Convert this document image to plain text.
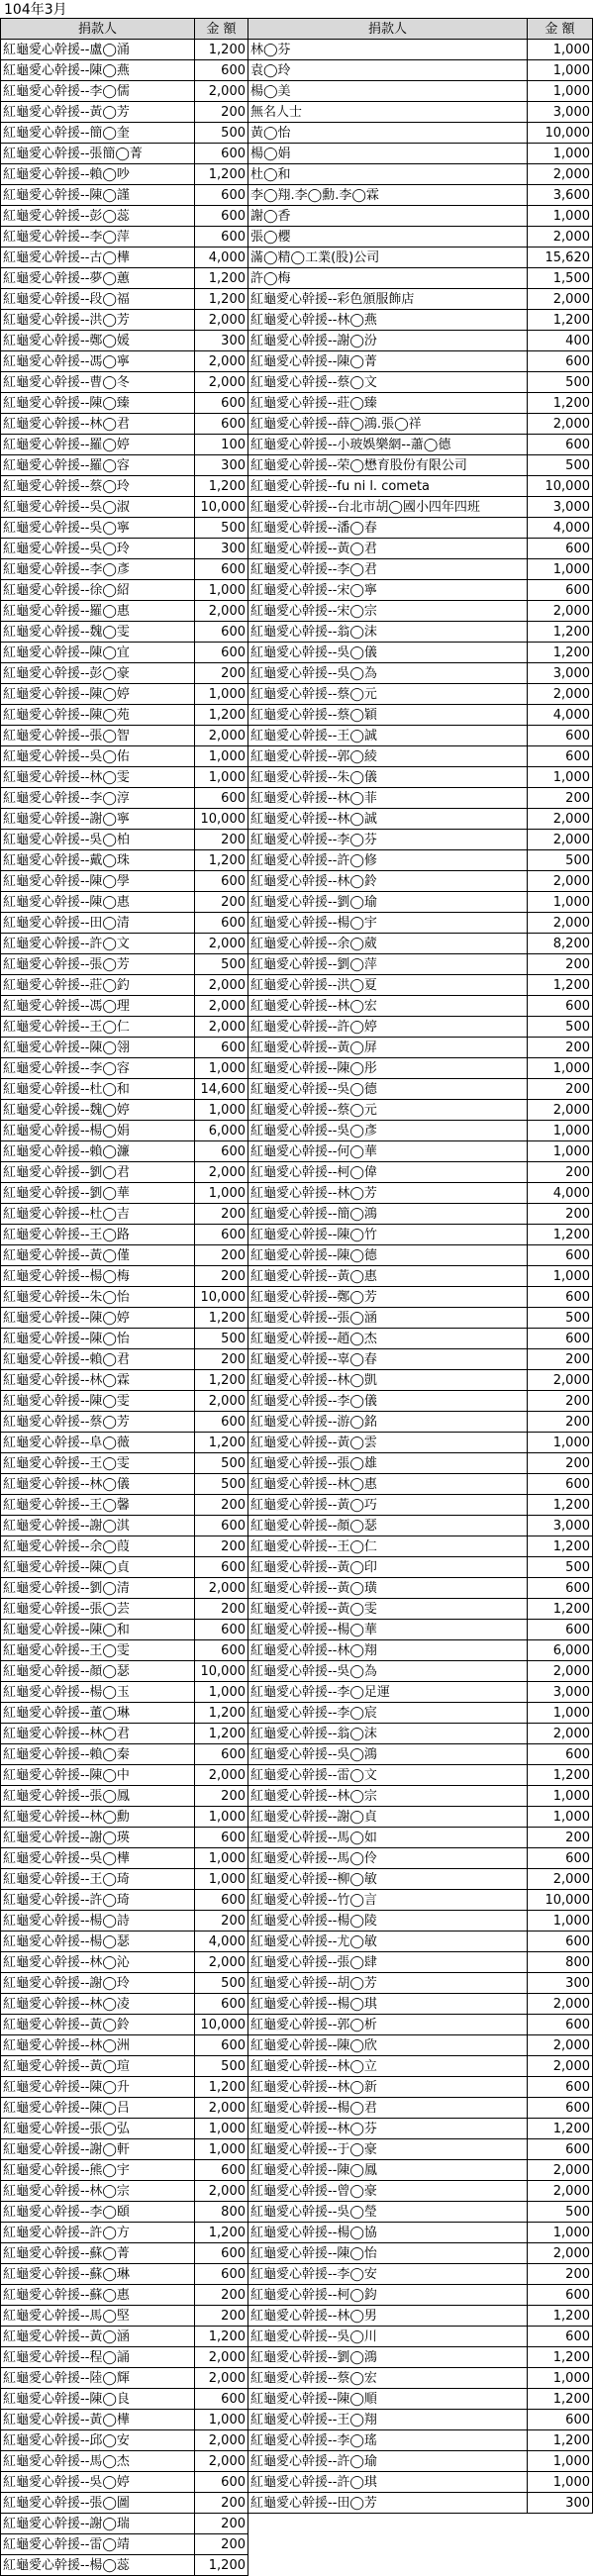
104年3月
捐款人	金 額
紅龜愛心幹援--盧◯涌	1,200
紅龜愛心幹援--陳◯燕	600
紅龜愛心幹援--李◯儒	2,000
紅龜愛心幹援--黃◯芳	200
紅龜愛心幹援--簡◯奎	500
紅龜愛心幹援--張簡◯菁	600
紅龜愛心幹援--賴◯吵	1,200
紅龜愛心幹援--陳◯謹	600
紅龜愛心幹援--彭◯蕊	600
紅龜愛心幹援--李◯萍	600
紅龜愛心幹援--古◯樺	4,000
紅龜愛心幹援--夢◯蕙	1,200
紅龜愛心幹援--段◯福	1,200
紅龜愛心幹援--洪◯芳	2,000
紅龜愛心幹援--鄭◯媛	300
紅龜愛心幹援--馮◯寧	2,000
紅龜愛心幹援--曹◯冬	2,000
紅龜愛心幹援--陳◯臻	600
紅龜愛心幹援--林◯君	600
紅龜愛心幹援--羅◯婷	100
紅龜愛心幹援--羅◯容	300
紅龜愛心幹援--蔡◯玲	1,200
紅龜愛心幹援--吳◯淑	10,000
紅龜愛心幹援--吳◯寧	500
紅龜愛心幹援--吳◯玲	300
紅龜愛心幹援--李◯彥	600
紅龜愛心幹援--徐◯紹	1,000
紅龜愛心幹援--羅◯惠	2,000
紅龜愛心幹援--魏◯雯	600
紅龜愛心幹援--陳◯宜	600
紅龜愛心幹援--彭◯豪	200
紅龜愛心幹援--陳◯婷	1,000
紅龜愛心幹援--陳◯苑	1,200
紅龜愛心幹援--張◯智	2,000
紅龜愛心幹援--吳◯佑	1,000
紅龜愛心幹援--林◯雯	1,000
紅龜愛心幹援--李◯淳	600
紅龜愛心幹援--謝◯寧	10,000
紅龜愛心幹援--吳◯柏	200
紅龜愛心幹援--戴◯珠	1,200
紅龜愛心幹援--陳◯學	600
紅龜愛心幹援--陳◯惠	200
紅龜愛心幹援--田◯清	600
紅龜愛心幹援--許◯文	2,000
紅龜愛心幹援--張◯芳	500
紅龜愛心幹援--莊◯釣	2,000
紅龜愛心幹援--馮◯理	2,000
紅龜愛心幹援--王◯仁	2,000
紅龜愛心幹援--陳◯翎	600
紅龜愛心幹援--李◯容	1,000
紅龜愛心幹援--杜◯和	14,600
紅龜愛心幹援--魏◯婷	1,000
紅龜愛心幹援--楊◯娟	6,000
紅龜愛心幹援--賴◯濂	600
紅龜愛心幹援--劉◯君	2,000
紅龜愛心幹援--劉◯華	1,000
紅龜愛心幹援--杜◯吉	200
紅龜愛心幹援--王◯路	600
紅龜愛心幹援--黃◯僅	200
紅龜愛心幹援--楊◯梅	200
紅龜愛心幹援--朱◯怡	10,000
紅龜愛心幹援--陳◯婷	1,200
紅龜愛心幹援--陳◯怡	500
紅龜愛心幹援--賴◯君	200
紅龜愛心幹援--林◯霖	1,200
紅龜愛心幹援--陳◯雯	2,000
紅龜愛心幹援--蔡◯芳	600
紅龜愛心幹援--阜◯薇	1,200
紅龜愛心幹援--王◯雯	500
紅龜愛心幹援--林◯儀	500
紅龜愛心幹援--王◯馨	200
紅龜愛心幹援--謝◯淇	600
紅龜愛心幹援--余◯葭	200
紅龜愛心幹援--陳◯貞	600
紅龜愛心幹援--劉◯清	2,000
紅龜愛心幹援--張◯芸	200
紅龜愛心幹援--陳◯和	600
紅龜愛心幹援--王◯雯	600
紅龜愛心幹援--顏◯瑟	10,000
紅龜愛心幹援--楊◯玉	1,000
紅龜愛心幹援--董◯琳	1,200
紅龜愛心幹援--林◯君	1,200
紅龜愛心幹援--賴◯秦	600
紅龜愛心幹援--陳◯中	2,000
紅龜愛心幹援--張◯鳳	200
紅龜愛心幹援--林◯勳	1,000
紅龜愛心幹援--謝◯瑛	600
紅龜愛心幹援--吳◯樺	1,000
紅龜愛心幹援--王◯琦	1,000
紅龜愛心幹援--許◯琦	600
紅龜愛心幹援--楊◯詩	200
紅龜愛心幹援--楊◯瑟	4,000
紅龜愛心幹援--林◯沁	2,000
紅龜愛心幹援--謝◯玲	500
紅龜愛心幹援--林◯凌	600
紅龜愛心幹援--黃◯鈴	10,000
紅龜愛心幹援--林◯洲	600
紅龜愛心幹援--黃◯瑄	500
紅龜愛心幹援--陳◯升	1,200
紅龜愛心幹援--陳◯吕	2,000
紅龜愛心幹援--張◯弘	1,000
紅龜愛心幹援--謝◯軒	1,000
紅龜愛心幹援--熊◯宇	600
紅龜愛心幹援--林◯宗	2,000
紅龜愛心幹援--李◯頤	800
紅龜愛心幹援--許◯方	1,200
紅龜愛心幹援--蘇◯菁	600
紅龜愛心幹援--蘇◯琳	600
紅龜愛心幹援--蘇◯惠	200
紅龜愛心幹援--馬◯堅	200
紅龜愛心幹援--黃◯涵	1,200
紅龜愛心幹援--程◯誦	2,000
紅龜愛心幹援--陸◯輝	2,000
紅龜愛心幹援--陳◯良	600
紅龜愛心幹援--黃◯樺	1,000
紅龜愛心幹援--邱◯安	2,000
紅龜愛心幹援--馬◯杰	2,000
紅龜愛心幹援--吳◯婷	600
紅龜愛心幹援--張◯圖	200
紅龜愛心幹援--謝◯瑞	200
紅龜愛心幹援--雷◯靖	200
紅龜愛心幹援--楊◯蕊	1,200
捐款人	金 額
林◯芬	1,000
袁◯玲	1,000
楊◯美	1,000
無名人士	3,000
黃◯怡	10,000
楊◯娟	1,000
杜◯和	2,000
李◯翔.李◯勳.李◯霖	3,600
謝◯香	1,000
張◯櫻	2,000
滿◯精◯工業(股)公司	15,620
許◯梅	1,500
紅龜愛心幹援--彩色頒服飾店	2,000
紅龜愛心幹援--林◯燕	1,200
紅龜愛心幹援--謝◯汾	400
紅龜愛心幹援--陳◯菁	600
紅龜愛心幹援--蔡◯文	500
紅龜愛心幹援--莊◯臻	1,200
紅龜愛心幹援--薛◯鴻.張◯祥	2,000
紅龜愛心幹援--小玻娛樂網--蕭◯德	600
紅龜愛心幹援--荣◯懋育股份有限公司	500
紅龜愛心幹援--fu ni l. cometa	10,000
紅龜愛心幹援--台北市胡◯國小四年四班	3,000
紅龜愛心幹援--潘◯春	4,000
紅龜愛心幹援--黃◯君	600
紅龜愛心幹援--李◯君	1,000
紅龜愛心幹援--宋◯寧	600
紅龜愛心幹援--宋◯宗	2,000
紅龜愛心幹援--翁◯沫	1,200
紅龜愛心幹援--吳◯儀	1,200
紅龜愛心幹援--吳◯為	3,000
紅龜愛心幹援--蔡◯元	2,000
紅龜愛心幹援--蔡◯穎	4,000
紅龜愛心幹援--王◯誠	600
紅龜愛心幹援--郭◯綾	600
紅龜愛心幹援--朱◯儀	1,000
紅龜愛心幹援--林◯菲	200
紅龜愛心幹援--林◯誠	2,000
紅龜愛心幹援--李◯芬	2,000
紅龜愛心幹援--許◯修	500
紅龜愛心幹援--林◯鈴	2,000
紅龜愛心幹援--劉◯瑜	1,000
紅龜愛心幹援--楊◯宇	2,000
紅龜愛心幹援--余◯葳	8,200
紅龜愛心幹援--劉◯萍	200
紅龜愛心幹援--洪◯夏	1,200
紅龜愛心幹援--林◯宏	600
紅龜愛心幹援--許◯婷	500
紅龜愛心幹援--黃◯屏	200
紅龜愛心幹援--陳◯彤	1,000
紅龜愛心幹援--吳◯德	200
紅龜愛心幹援--蔡◯元	2,000
紅龜愛心幹援--吳◯彥	1,000
紅龜愛心幹援--何◯華	1,000
紅龜愛心幹援--柯◯偉	200
紅龜愛心幹援--林◯芳	4,000
紅龜愛心幹援--簡◯鴻	200
紅龜愛心幹援--陳◯竹	1,200
紅龜愛心幹援--陳◯德	600
紅龜愛心幹援--黃◯惠	1,000
紅龜愛心幹援--鄭◯芳	600
紅龜愛心幹援--張◯涵	500
紅龜愛心幹援--趙◯杰	600
紅龜愛心幹援--辜◯春	200
紅龜愛心幹援--林◯凱	2,000
紅龜愛心幹援--李◯儀	200
紅龜愛心幹援--游◯銘	200
紅龜愛心幹援--黃◯雲	1,000
紅龜愛心幹援--張◯雄	200
紅龜愛心幹援--林◯惠	600
紅龜愛心幹援--黃◯巧	1,200
紅龜愛心幹援--顏◯瑟	3,000
紅龜愛心幹援--王◯仁	1,200
紅龜愛心幹援--黃◯印	500
紅龜愛心幹援--黃◯璜	600
紅龜愛心幹援--黃◯雯	1,200
紅龜愛心幹援--楊◯華	600
紅龜愛心幹援--林◯翔	6,000
紅龜愛心幹援--吳◯為	2,000
紅龜愛心幹援--李◯足運	3,000
紅龜愛心幹援--李◯宸	1,000
紅龜愛心幹援--翁◯沫	2,000
紅龜愛心幹援--吳◯鴻	600
紅龜愛心幹援--雷◯文	1,200
紅龜愛心幹援--林◯宗	1,000
紅龜愛心幹援--謝◯貞	1,000
紅龜愛心幹援--馬◯如	200
紅龜愛心幹援--馬◯伶	600
紅龜愛心幹援--柳◯敏	2,000
紅龜愛心幹援--竹◯言	10,000
紅龜愛心幹援--楊◯陵	1,000
紅龜愛心幹援--尤◯敏	600
紅龜愛心幹援--張◯肆	800
紅龜愛心幹援--胡◯芳	300
紅龜愛心幹援--楊◯琪	2,000
紅龜愛心幹援--郭◯析	600
紅龜愛心幹援--陳◯欣	2,000
紅龜愛心幹援--林◯立	2,000
紅龜愛心幹援--林◯新	600
紅龜愛心幹援--楊◯君	600
紅龜愛心幹援--林◯芬	1,200
紅龜愛心幹援--于◯豪	600
紅龜愛心幹援--陳◯鳳	2,000
紅龜愛心幹援--曾◯豪	2,000
紅龜愛心幹援--吳◯瑩	500
紅龜愛心幹援--楊◯協	1,000
紅龜愛心幹援--陳◯怡	2,000
紅龜愛心幹援--李◯安	200
紅龜愛心幹援--柯◯鈞	600
紅龜愛心幹援--林◯男	1,200
紅龜愛心幹援--吳◯川	600
紅龜愛心幹援--劉◯鴻	1,200
紅龜愛心幹援--蔡◯宏	1,000
紅龜愛心幹援--陳◯順	1,200
紅龜愛心幹援--王◯翔	600
紅龜愛心幹援--李◯瑤	1,200
紅龜愛心幹援--許◯瑜	1,000
紅龜愛心幹援--許◯琪	1,000
紅龜愛心幹援--田◯芳	300
